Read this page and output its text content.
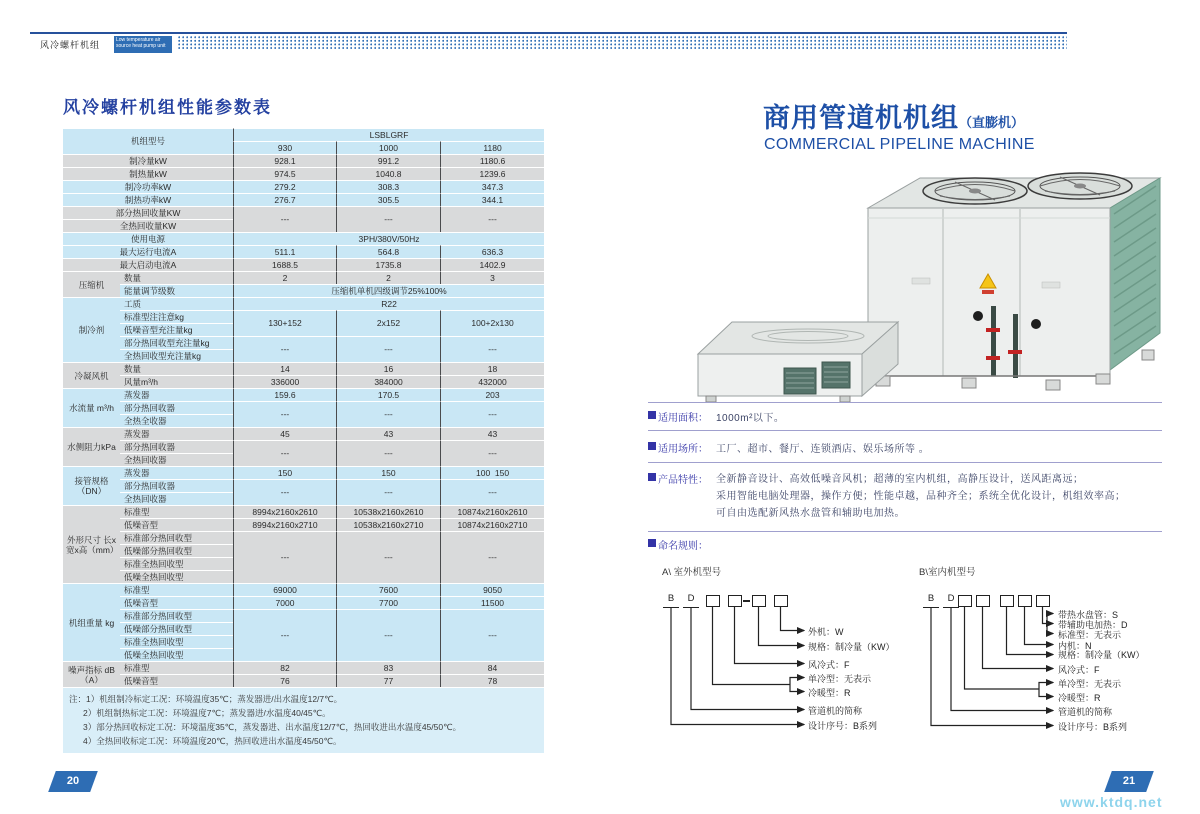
风冷螺杆机组	Low temperature air source heat pump unit
风冷螺杆机组性能参数表
机组型号		LSBLGRF		
		930	1000	1180
制冷量kW		928.1	991.2	1180.6
制热量kW		974.5	1040.8	1239.6
制冷功率kW		279.2	308.3	347.3
制热功率kW		276.7	305.5	344.1
部分热回收量KW		---	---	---
全热回收量KW				
使用电源		3PH/380V/50Hz		
最大运行电流A		511.1	564.8	636.3
最大启动电流A		1688.5	1735.8	1402.9
压缩机	数量	2	2	3
	能量调节级数	压缩机单机四级调节25%100%		
制冷剂	工质	R22		
	标准型注注意kg	130+152	2x152	100+2x130
	低噪音型充注量kg			
	部分热回收型充注量kg	---	---	---
	全热回收型充注量kg			
冷凝风机	数量	14	16	18
	风量m³/h	336000	384000	432000
水流量 m³/h	蒸发器	159.6	170.5	203
	部分热回收器	---	---	---
	全热全收器			
水侧阻力kPa	蒸发器	45	43	43
	部分热回收器	---	---	---
	全热回收器			
接管规格 （DN）	蒸发器	150	150	100  150
	部分热回收器	---	---	---
	全热回收器			
外形尺寸 长x宽x高（mm）	标准型	8994x2160x2610	10538x2160x2610	10874x2160x2610
	低噪音型	8994x2160x2710	10538x2160x2710	10874x2160x2710
	标准部分热回收型	---	---	---
	低噪部分热回收型			
	标准全热回收型			
	低噪全热回收型			
机组重量 kg	标准型	69000	7600	9050
	低噪音型	7000	7700	11500
	标准部分热回收型	---	---	---
	低噪部分热回收型			
	标准全热回收型			
	低噪全热回收型			
噪声指标 dB（A）	标准型	82	83	84
	低噪音型	76	77	78
注：1）机组制冷标定工况：环境温度35℃；蒸发器进/出水温度12/7℃。
2）机组制热标定工况：环境温度7℃；蒸发器进/水温度40/45℃。
3）部分热回收标定工况：环境温度35℃，蒸发器进、出水温度12/7℃，热回收进出水温度45/50℃。
4）全热回收标定工况：环境温度20℃，热回收进出水温度45/50℃。
20
商用管道机机组（直膨机）
COMMERCIAL PIPELINE MACHINE
适用面积： 1000m²以下。
适用场所： 工厂、超市、餐厅、连锁酒店、娱乐场所等 。
产品特性： 全新静音设计、高效低噪音风机；超薄的室内机组，高静压设计，送风距离远；
采用智能电脑处理器，操作方便；性能卓越，品种齐全；系统全优化设计，机组效率高；
可自由选配新风热水盘管和辅助电加热。
命名规则：
A\ 室外机型号
B	D
外机：W
规格：制冷量（KW）
风冷式：F
单冷型：无表示
冷暖型：R
管道机的简称
设计序号：B系列
B\室内机型号
B	D
带热水盘管：S
带辅助电加热：D
标准型：无表示
内机：N
规格：制冷量（KW）
风冷式：F
单冷型：无表示
冷暖型：R
管道机的简称
设计序号：B系列
21
www.ktdq.net
